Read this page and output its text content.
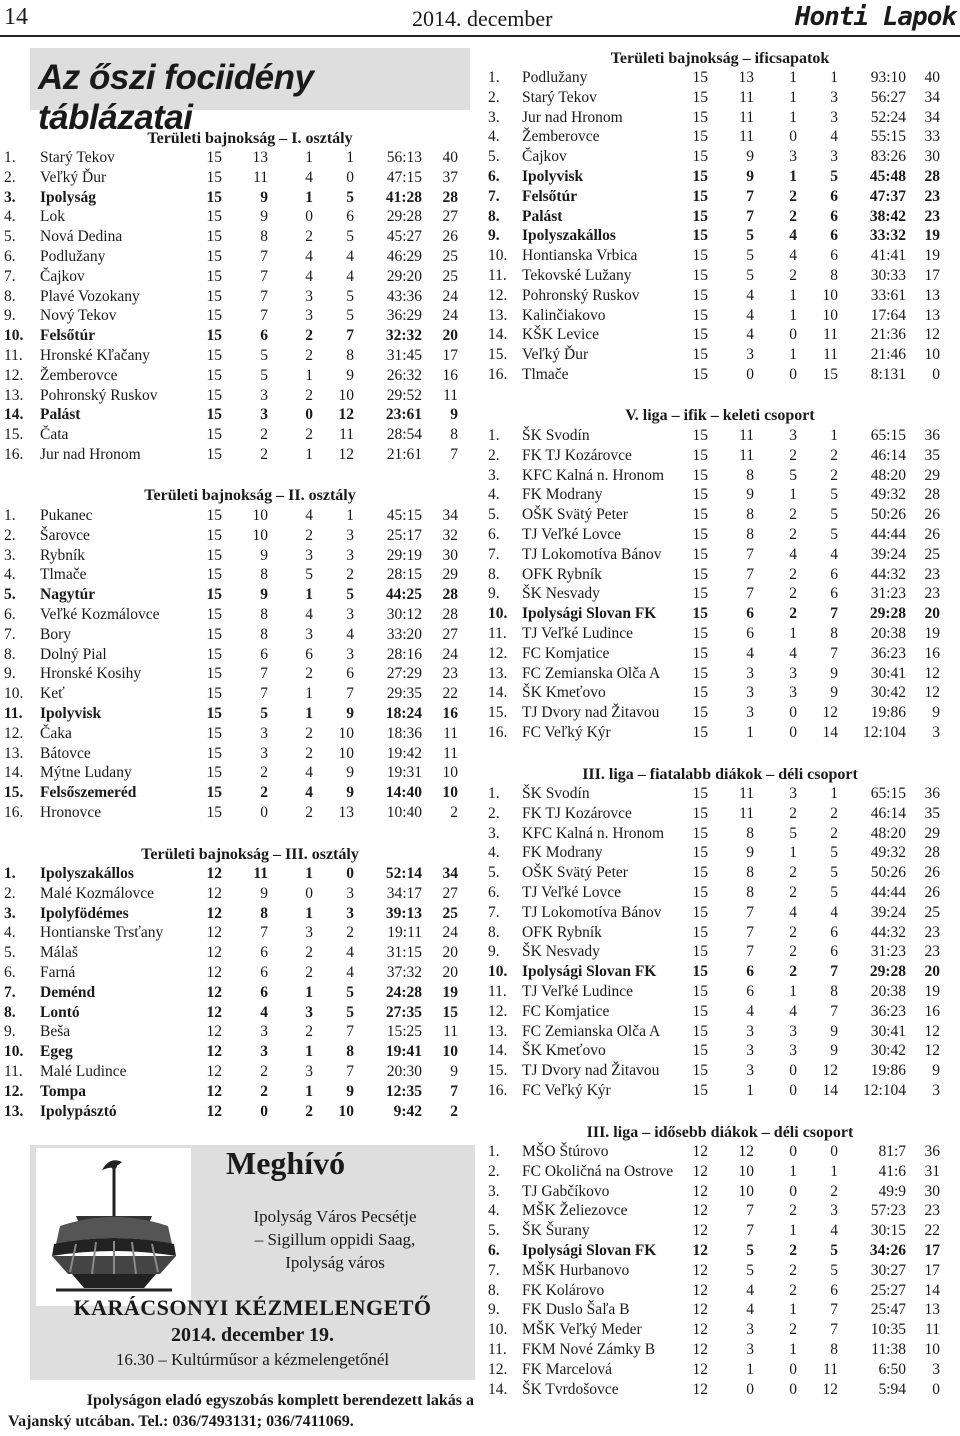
14	2014. december	Honti Lapok
Az őszi fociidény táblázatai
Területi bajnokság – I. osztály
1. Starý Tekov	15	13	1	1	56:13	40
2. Veľký Ďur	15	11	4	0	47:15	37
3. Ipolyság	15	9	1	5	41:28	28
4. Lok	15	9	0	6	29:28	27
5. Nová Dedina	15	8	2	5	45:27	26
6. Podlužany	15	7	4	4	46:29	25
7. Čajkov	15	7	4	4	29:20	25
8. Plavé Vozokany	15	7	3	5	43:36	24
9. Nový Tekov	15	7	3	5	36:29	24
10. Felsőtúr	15	6	2	7	32:32	20
11. Hronské Kľačany	15	5	2	8	31:45	17
12. Žemberovce	15	5	1	9	26:32	16
13. Pohronský Ruskov	15	3	2	10	29:52	11
14. Palást	15	3	0	12	23:61	9
15. Čata	15	2	2	11	28:54	8
16. Jur nad Hronom	15	2	1	12	21:61	7
Területi bajnokság – II. osztály
1. Pukanec	15	10	4	1	45:15	34
2. Šarovce	15	10	2	3	25:17	32
3. Rybník	15	9	3	3	29:19	30
4. Tlmače	15	8	5	2	28:15	29
5. Nagytúr	15	9	1	5	44:25	28
6. Veľké Kozmálovce	15	8	4	3	30:12	28
7. Bory	15	8	3	4	33:20	27
8. Dolný Pial	15	6	6	3	28:16	24
9. Hronské Kosihy	15	7	2	6	27:29	23
10. Keť	15	7	1	7	29:35	22
11. Ipolyvisk	15	5	1	9	18:24	16
12. Čaka	15	3	2	10	18:36	11
13. Bátovce	15	3	2	10	19:42	11
14. Mýtne Ludany	15	2	4	9	19:31	10
15. Felsőszemeréd	15	2	4	9	14:40	10
16. Hronovce	15	0	2	13	10:40	2
Területi bajnokság – III. osztály
1. Ipolyszakállos	12	11	1	0	52:14	34
2. Malé Kozmálovce	12	9	0	3	34:17	27
3. Ipolyfödémes	12	8	1	3	39:13	25
4. Hontianske Trsťany	12	7	3	2	19:11	24
5. Málaš	12	6	2	4	31:15	20
6. Farná	12	6	2	4	37:32	20
7. Deménd	12	6	1	5	24:28	19
8. Lontó	12	4	3	5	27:35	15
9. Beša	12	3	2	7	15:25	11
10. Egeg	12	3	1	8	19:41	10
11. Malé Ludince	12	2	3	7	20:30	9
12. Tompa	12	2	1	9	12:35	7
13. Ipolypásztó	12	0	2	10	9:42	2
Területi bajnokság – ificsapatok
1. Podlužany	15	13	1	1	93:10	40
2. Starý Tekov	15	11	1	3	56:27	34
3. Jur nad Hronom	15	11	1	3	52:24	34
4. Žemberovce	15	11	0	4	55:15	33
5. Čajkov	15	9	3	3	83:26	30
6. Ipolyvisk	15	9	1	5	45:48	28
7. Felsőtúr	15	7	2	6	47:37	23
8. Palást	15	7	2	6	38:42	23
9. Ipolyszakállos	15	5	4	6	33:32	19
10. Hontianska Vrbica	15	5	4	6	41:41	19
11. Tekovské Lužany	15	5	2	8	30:33	17
12. Pohronský Ruskov	15	4	1	10	33:61	13
13. Kalinčiakovo	15	4	1	10	17:64	13
14. KŠK Levice	15	4	0	11	21:36	12
15. Veľký Ďur	15	3	1	11	21:46	10
16. Tlmače	15	0	0	15	8:131	0
V. liga – ifik – keleti csoport
1. ŠK Svodín	15	11	3	1	65:15	36
2. FK TJ Kozárovce	15	11	2	2	46:14	35
3. KFC Kalná n. Hronom	15	8	5	2	48:20	29
4. FK Modrany	15	9	1	5	49:32	28
5. OŠK Svätý Peter	15	8	2	5	50:26	26
6. TJ Veľké Lovce	15	8	2	5	44:44	26
7. TJ Lokomotíva Bánov	15	7	4	4	39:24	25
8. OFK Rybník	15	7	2	6	44:32	23
9. ŠK Nesvady	15	7	2	6	31:23	23
10. Ipolysági Slovan FK	15	6	2	7	29:28	20
11. TJ Veľké Ludince	15	6	1	8	20:38	19
12. FC Komjatice	15	4	4	7	36:23	16
13. FC Zemianska Olča A	15	3	3	9	30:41	12
14. ŠK Kmeťovo	15	3	3	9	30:42	12
15. TJ Dvory nad Žitavou	15	3	0	12	19:86	9
16. FC Veľký Kýr	15	1	0	14	12:104	3
III. liga – fiatalabb diákok – déli csoport
1. ŠK Svodín	15	11	3	1	65:15	36
2. FK TJ Kozárovce	15	11	2	2	46:14	35
3. KFC Kalná n. Hronom	15	8	5	2	48:20	29
4. FK Modrany	15	9	1	5	49:32	28
5. OŠK Svätý Peter	15	8	2	5	50:26	26
6. TJ Veľké Lovce	15	8	2	5	44:44	26
7. TJ Lokomotíva Bánov	15	7	4	4	39:24	25
8. OFK Rybník	15	7	2	6	44:32	23
9. ŠK Nesvady	15	7	2	6	31:23	23
10. Ipolysági Slovan FK	15	6	2	7	29:28	20
11. TJ Veľké Ludince	15	6	1	8	20:38	19
12. FC Komjatice	15	4	4	7	36:23	16
13. FC Zemianska Olča A	15	3	3	9	30:41	12
14. ŠK Kmeťovo	15	3	3	9	30:42	12
15. TJ Dvory nad Žitavou	15	3	0	12	19:86	9
16. FC Veľký Kýr	15	1	0	14	12:104	3
III. liga – idősebb diákok – déli csoport
1. MŠO Štúrovo	12	12	0	0	81:7	36
2. FC Okoličná na Ostrove	12	10	1	1	41:6	31
3. TJ Gabčíkovo	12	10	0	2	49:9	30
4. MŠK Želiezovce	12	7	2	3	57:23	23
5. ŠK Šurany	12	7	1	4	30:15	22
6. Ipolysági Slovan FK	12	5	2	5	34:26	17
7. MŠK Hurbanovo	12	5	2	5	30:27	17
8. FK Kolárovo	12	4	2	6	25:27	14
9. FK Duslo Šaľa B	12	4	1	7	25:47	13
10. MŠK Veľký Meder	12	3	2	7	10:35	11
11. FKM Nové Zámky B	12	3	1	8	11:38	10
12. FK Marcelová	12	1	0	11	6:50	3
14. ŠK Tvrdošovce	12	0	0	12	5:94	0
Meghívó
Ipolyság Város Pecsétje
– Sigillum oppidi Saag,
Ipolyság város
KARÁCSONYI KÉZMELENGETŐ
2014. december 19.
16.30 – Kultúrműsor a kézmelengetőnél
Ipolyságon eladó egyszobás komplett berendezett lakás a
Vajanský utcában. Tel.: 036/7493131; 036/7411069.
